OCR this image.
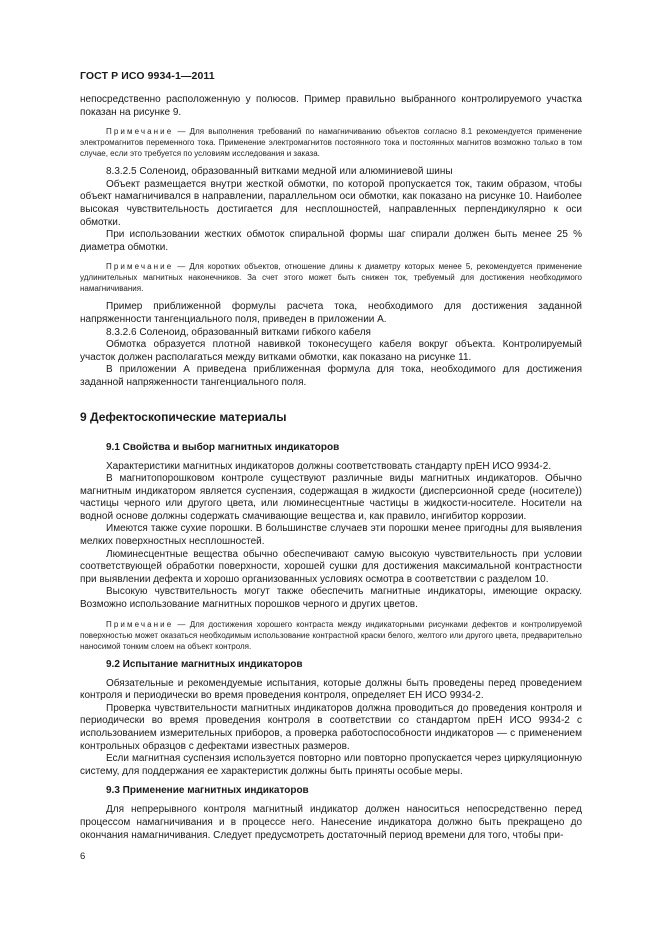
ГОСТ Р ИСО 9934-1—2011

непосредственно расположенную у полюсов. Пример правильно выбранного контролируемого участка показан на рисунке 9.

Примечание — Для выполнения требований по намагничиванию объектов согласно 8.1 рекомендуется применение электромагнитов переменного тока. Применение электромагнитов постоянного тока и постоянных магнитов возможно только в том случае, если это требуется по условиям исследования и заказа.

8.3.2.5 Соленоид, образованный витками медной или алюминиевой шины

Объект размещается внутри жесткой обмотки, по которой пропускается ток, таким образом, чтобы объект намагничивался в направлении, параллельном оси обмотки, как показано на рисунке 10. Наиболее высокая чувствительность достигается для несплошностей, направленных перпендикулярно к оси обмотки.

При использовании жестких обмоток спиральной формы шаг спирали должен быть менее 25 % диаметра обмотки.

Примечание — Для коротких объектов, отношение длины к диаметру которых менее 5, рекомендуется применение удлинительных магнитных наконечников. За счет этого может быть снижен ток, требуемый для достижения необходимого намагничивания.

Пример приближенной формулы расчета тока, необходимого для достижения заданной напряженности тангенциального поля, приведен в приложении А.

8.3.2.6 Соленоид, образованный витками гибкого кабеля

Обмотка образуется плотной навивкой токонесущего кабеля вокруг объекта. Контролируемый участок должен располагаться между витками обмотки, как показано на рисунке 11.

В приложении А приведена приближенная формула для тока, необходимого для достижения заданной напряженности тангенциального поля.

9 Дефектоскопические материалы
9.1 Свойства и выбор магнитных индикаторов

Характеристики магнитных индикаторов должны соответствовать стандарту прЕН ИСО 9934-2.

В магнитопорошковом контроле существуют различные виды магнитных индикаторов. Обычно магнитным индикатором является суспензия, содержащая в жидкости (дисперсионной среде (носителе)) частицы черного или другого цвета, или люминесцентные частицы в жидкости-носителе. Носители на водной основе должны содержать смачивающие вещества и, как правило, ингибитор коррозии.

Имеются также сухие порошки. В большинстве случаев эти порошки менее пригодны для выявления мелких поверхностных несплошностей.

Люминесцентные вещества обычно обеспечивают самую высокую чувствительность при условии соответствующей обработки поверхности, хорошей сушки для достижения максимальной контрастности при выявлении дефекта и хорошо организованных условиях осмотра в соответствии с разделом 10.

Высокую чувствительность могут также обеспечить магнитные индикаторы, имеющие окраску. Возможно использование магнитных порошков черного и других цветов.

Примечание — Для достижения хорошего контраста между индикаторными рисунками дефектов и контролируемой поверхностью может оказаться необходимым использование контрастной краски белого, желтого или другого цвета, предварительно наносимой тонким слоем на объект контроля.

9.2 Испытание магнитных индикаторов

Обязательные и рекомендуемые испытания, которые должны быть проведены перед проведением контроля и периодически во время проведения контроля, определяет ЕН ИСО 9934-2.

Проверка чувствительности магнитных индикаторов должна проводиться до проведения контроля и периодически во время проведения контроля в соответствии со стандартом прЕН ИСО 9934-2 с использованием измерительных приборов, а проверка работоспособности индикаторов — с применением контрольных образцов с дефектами известных размеров.

Если магнитная суспензия используется повторно или повторно пропускается через циркуляционную систему, для поддержания ее характеристик должны быть приняты особые меры.

9.3 Применение магнитных индикаторов

Для непрерывного контроля магнитный индикатор должен наноситься непосредственно перед процессом намагничивания и в процессе него. Нанесение индикатора должно быть прекращено до окончания намагничивания. Следует предусмотреть достаточный период времени для того, чтобы при-

6
